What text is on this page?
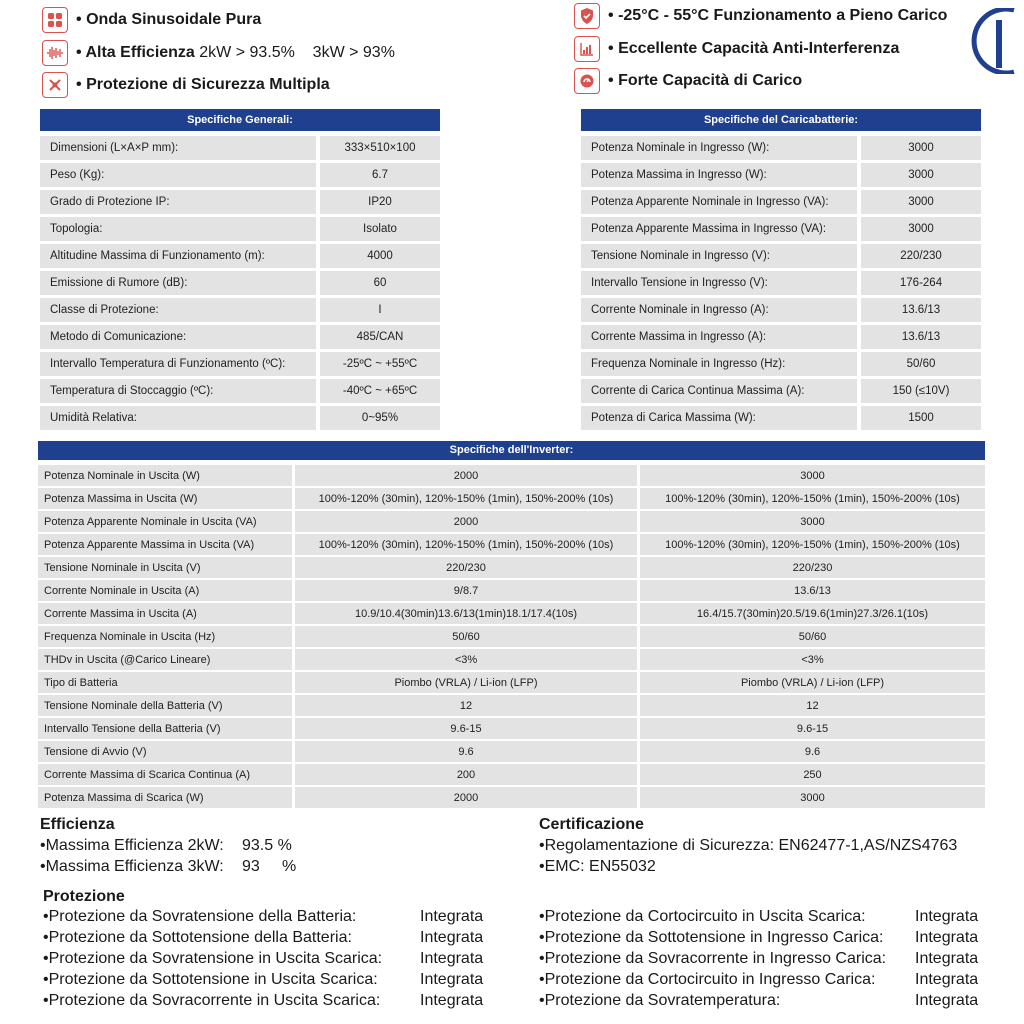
• Onda Sinusoidale Pura
• Alta Efficienza 2kW > 93.5%    3kW > 93%
• Protezione di Sicurezza Multipla
• -25°C - 55°C Funzionamento a Pieno Carico
• Eccellente Capacità Anti-Interferenza
• Forte Capacità di Carico
Specifiche Generali:
Dimensioni (L×A×P mm):		333×510×100
Peso (Kg):		6.7
Grado di Protezione IP:		IP20
Topologia:		Isolato
Altitudine Massima di Funzionamento (m):		4000
Emissione di Rumore (dB):		60
Classe di Protezione:		I
Metodo di Comunicazione:		485/CAN
Intervallo Temperatura di Funzionamento (ºC):		-25ºC ~ +55ºC
Temperatura di Stoccaggio (ºC):		-40ºC ~ +65ºC
Umidità Relativa:		0~95%
Specifiche del Caricabatterie:
Potenza Nominale in Ingresso (W):		3000
Potenza Massima in Ingresso (W):		3000
Potenza Apparente Nominale in Ingresso (VA):		3000
Potenza Apparente Massima in Ingresso (VA):		3000
Tensione Nominale in Ingresso (V):		220/230
Intervallo Tensione in Ingresso (V):		176-264
Corrente Nominale in Ingresso (A):		13.6/13
Corrente Massima in Ingresso (A):		13.6/13
Frequenza Nominale in Ingresso (Hz):		50/60
Corrente di Carica Continua Massima (A):		150 (≤10V)
Potenza di Carica Massima (W):		1500
Specifiche dell'Inverter:
Potenza Nominale in Uscita (W)		2000		3000
Potenza Massima in Uscita (W)		100%-120% (30min), 120%-150% (1min), 150%-200% (10s)		100%-120% (30min), 120%-150% (1min), 150%-200% (10s)
Potenza Apparente Nominale in Uscita (VA)		2000		3000
Potenza Apparente Massima in Uscita (VA)		100%-120% (30min), 120%-150% (1min), 150%-200% (10s)		100%-120% (30min), 120%-150% (1min), 150%-200% (10s)
Tensione Nominale in Uscita (V)		220/230		220/230
Corrente Nominale in Uscita (A)		9/8.7		13.6/13
Corrente Massima in Uscita (A)		10.9/10.4(30min)13.6/13(1min)18.1/17.4(10s)		16.4/15.7(30min)20.5/19.6(1min)27.3/26.1(10s)
Frequenza Nominale in Uscita (Hz)		50/60		50/60
THDv in Uscita (@Carico Lineare)		<3%		<3%
Tipo di Batteria		Piombo (VRLA) / Li-ion (LFP)		Piombo (VRLA) / Li-ion (LFP)
Tensione Nominale della Batteria (V)		12		12
Intervallo Tensione della Batteria (V)		9.6-15		9.6-15
Tensione di Avvio (V)		9.6		9.6
Corrente Massima di Scarica Continua (A)		200		250
Potenza Massima di Scarica (W)		2000		3000
Efficienza
•Massima Efficienza 2kW: 93.5 %
•Massima Efficienza 3kW: 93     %
Certificazione
•Regolamentazione di Sicurezza: EN62477-1,AS/NZS4763
•EMC: EN55032
Protezione
•Protezione da Sovratensione della Batteria:	Integrata
•Protezione da Sottotensione della Batteria:	Integrata
•Protezione da Sovratensione in Uscita Scarica: Integrata
•Protezione da Sottotensione in Uscita Scarica:	Integrata
•Protezione da Sovracorrente in Uscita Scarica: Integrata
•Protezione da Cortocircuito in Uscita Scarica:	Integrata
•Protezione da Sottotensione in Ingresso Carica: Integrata
•Protezione da Sovracorrente in Ingresso Carica: Integrata
•Protezione da Cortocircuito in Ingresso Carica: Integrata
•Protezione da Sovratemperatura:	Integrata
